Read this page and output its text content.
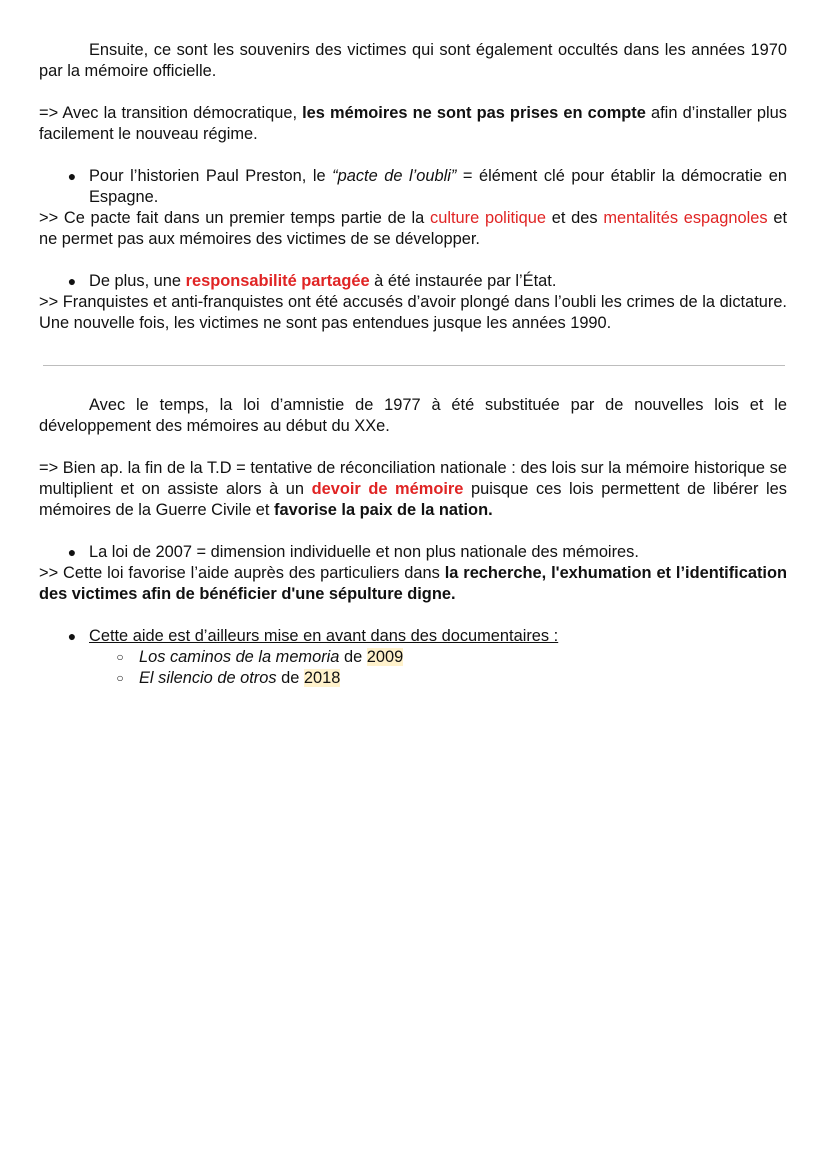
Ensuite, ce sont les souvenirs des victimes qui sont également occultés dans les années 1970 par la mémoire officielle.

=> Avec la transition démocratique, les mémoires ne sont pas prises en compte afin d’installer plus facilement le nouveau régime.

● Pour l’historien Paul Preston, le “pacte de l’oubli” = élément clé pour établir la démocratie en Espagne.

>> Ce pacte fait dans un premier temps partie de la culture politique et des mentalités espagnoles et ne permet pas aux mémoires des victimes de se développer.

● De plus, une responsabilité partagée à été instaurée par l’État.

>> Franquistes et anti-franquistes ont été accusés d’avoir plongé dans l’oubli les crimes de la dictature. Une nouvelle fois, les victimes ne sont pas entendues jusque les années 1990.

Avec le temps, la loi d’amnistie de 1977 à été substituée par de nouvelles lois et le développement des mémoires au début du XXe.

=> Bien ap. la fin de la T.D = tentative de réconciliation nationale : des lois sur la mémoire historique se multiplient et on assiste alors à un devoir de mémoire puisque ces lois permettent de libérer les mémoires de la Guerre Civile et favorise la paix de la nation.

● La loi de 2007 = dimension individuelle et non plus nationale des mémoires.

>> Cette loi favorise l’aide auprès des particuliers dans la recherche, l'exhumation et l’identification des victimes afin de bénéficier d'une sépulture digne.

● Cette aide est d’ailleurs mise en avant dans des documentaires :
○ Los caminos de la memoria de 2009
○ El silencio de otros de 2018
